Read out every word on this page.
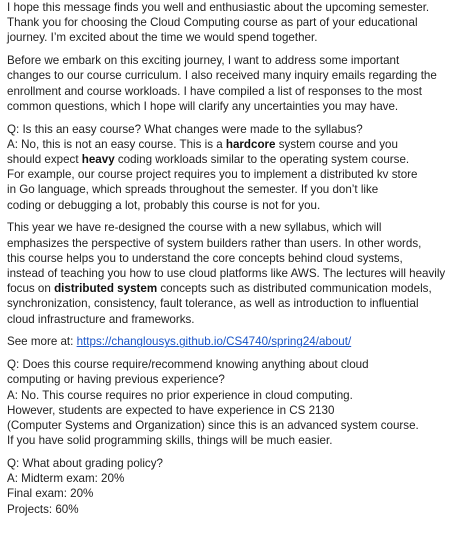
I hope this message finds you well and enthusiastic about the upcoming semester.
Thank you for choosing the Cloud Computing course as part of your educational
journey. I’m excited about the time we would spend together.
Before we embark on this exciting journey, I want to address some important
changes to our course curriculum. I also received many inquiry emails regarding the
enrollment and course workloads. I have compiled a list of responses to the most
common questions, which I hope will clarify any uncertainties you may have.
Q: Is this an easy course? What changes were made to the syllabus?
A: No, this is not an easy course. This is a hardcore system course and you
should expect heavy coding workloads similar to the operating system course.
For example, our course project requires you to implement a distributed kv store
in Go language, which spreads throughout the semester. If you don’t like
coding or debugging a lot, probably this course is not for you.
This year we have re-designed the course with a new syllabus, which will
emphasizes the perspective of system builders rather than users. In other words,
this course helps you to understand the core concepts behind cloud systems,
instead of teaching you how to use cloud platforms like AWS. The lectures will heavily
focus on distributed system concepts such as distributed communication models,
synchronization, consistency, fault tolerance, as well as introduction to influential
cloud infrastructure and frameworks.
See more at: https://changlousys.github.io/CS4740/spring24/about/
Q: Does this course require/recommend knowing anything about cloud
computing or having previous experience?
A: No. This course requires no prior experience in cloud computing.
However, students are expected to have experience in CS 2130
(Computer Systems and Organization) since this is an advanced system course.
If you have solid programming skills, things will be much easier.
Q: What about grading policy?
A: Midterm exam: 20%
Final exam: 20%
Projects: 60%
